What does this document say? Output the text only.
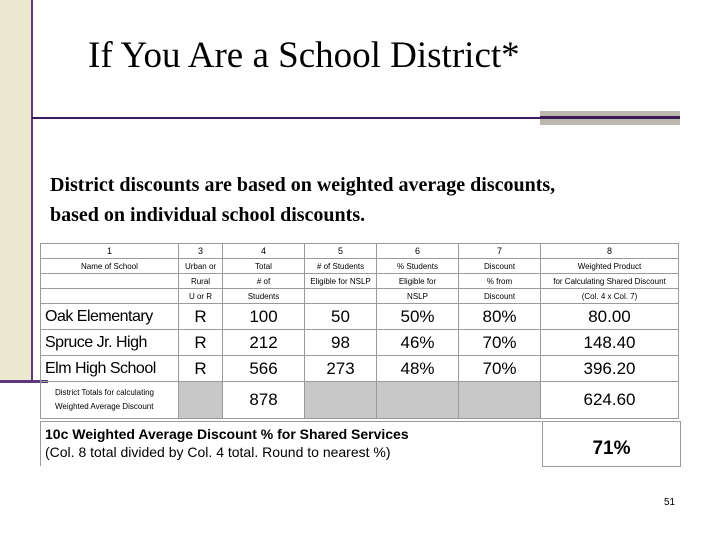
If You Are a School District*
District discounts are based on weighted average discounts,
based on individual school discounts.
1	3	4	5	6	7	8
Name of School	Urban or	Total	# of Students	% Students	Discount	Weighted Product
	Rural	# of	Eligible for NSLP	Eligible for	% from	for Calculating Shared Discount
	U or R	Students		NSLP	Discount	(Col. 4 x Col. 7)
Oak Elementary	R	100	50	50%	80%	80.00
Spruce Jr. High	R	212	98	46%	70%	148.40
Elm High School	R	566	273	48%	70%	396.20

District Totals for calculating
Weighted Average Discount		878				624.60
10c Weighted Average Discount % for Shared Services
(Col. 8 total divided by Col. 4 total. Round to nearest %)	71%
51
